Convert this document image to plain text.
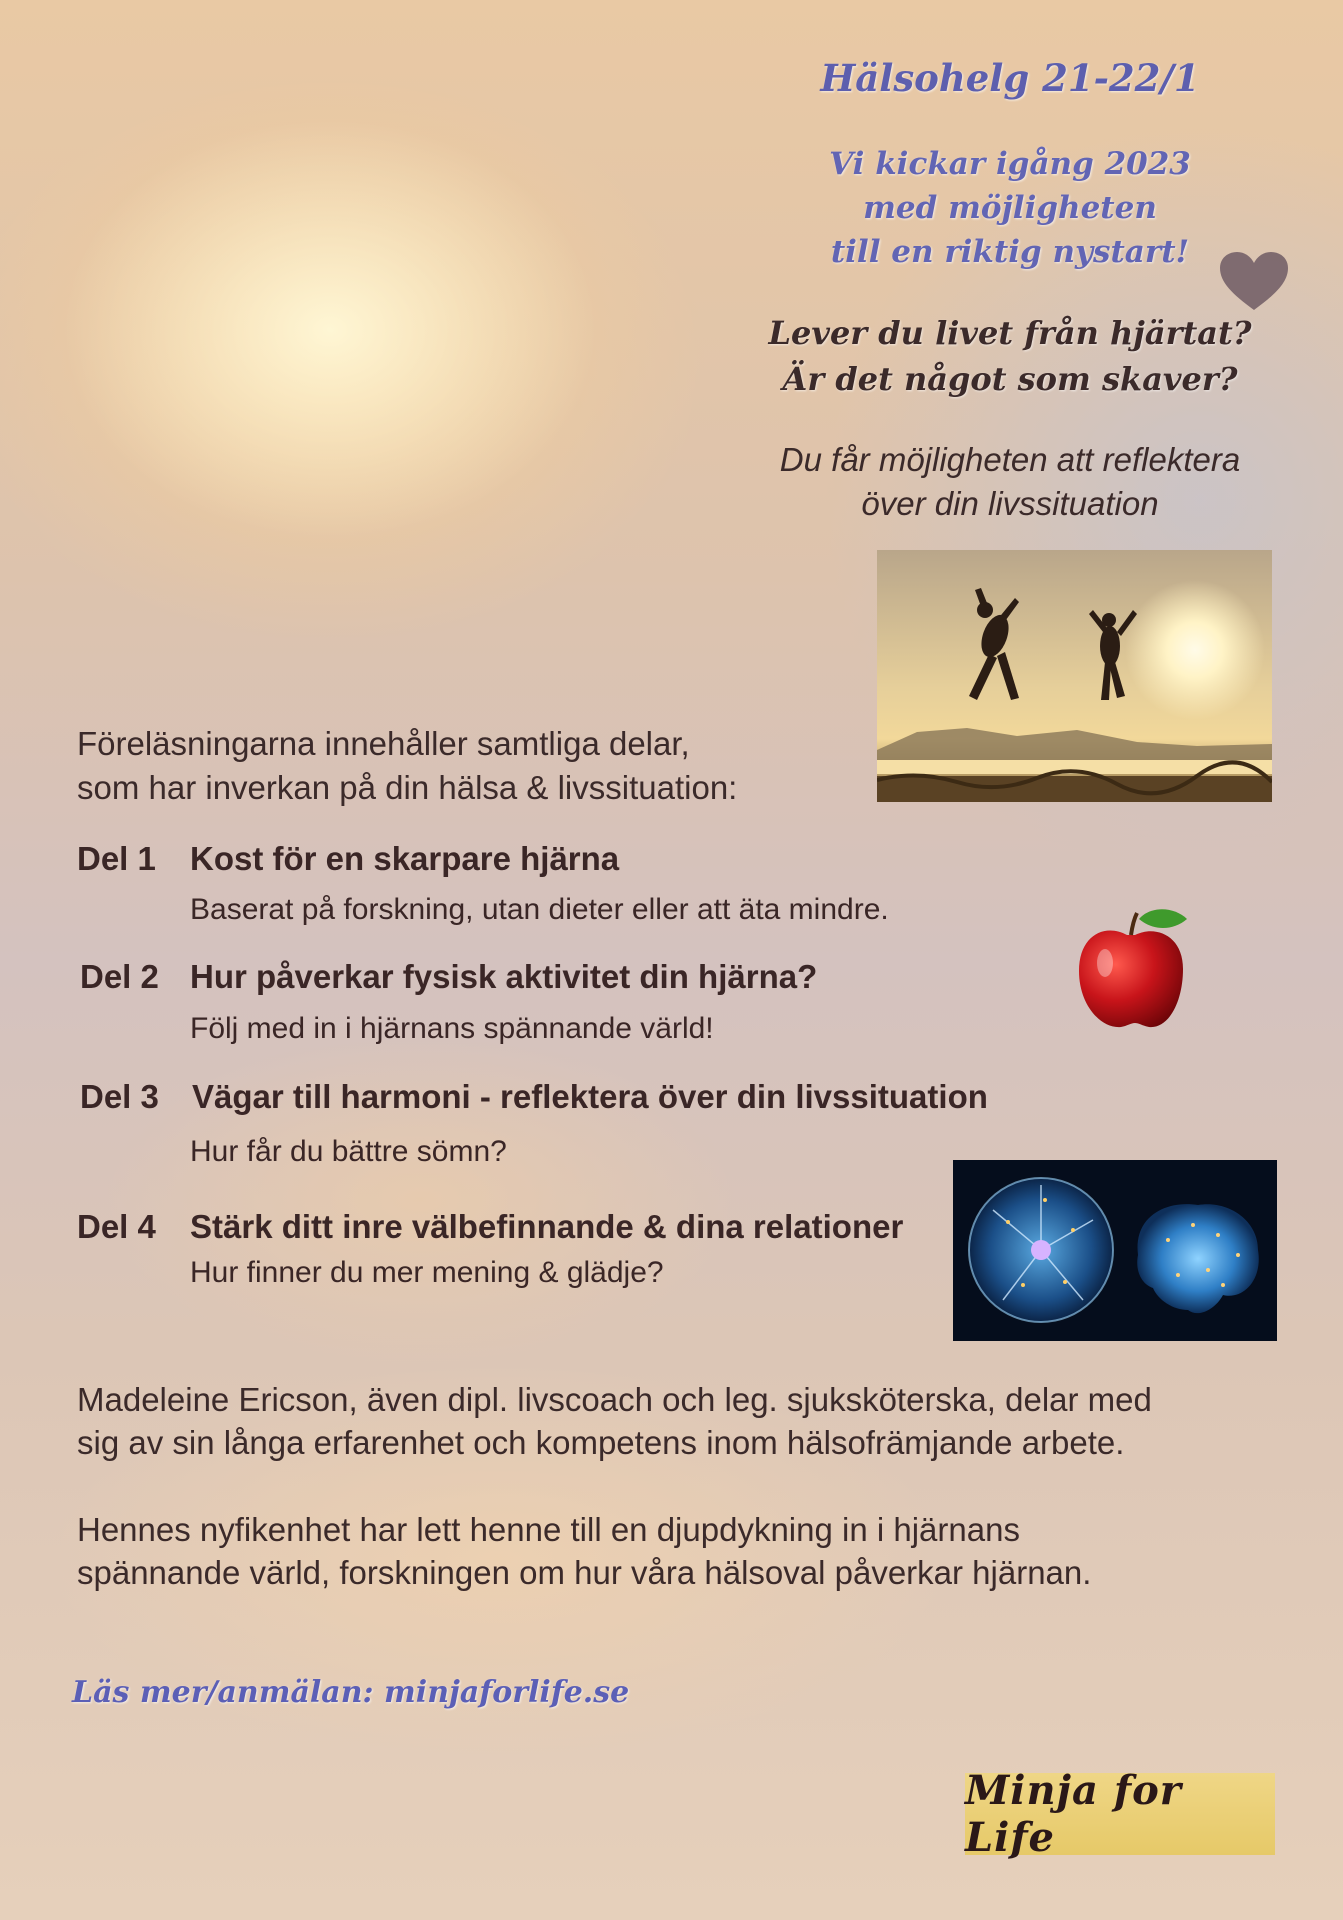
Hälsohelg 21-22/1
Vi kickar igång 2023
med möjligheten
till en riktig nystart!
Lever du livet från hjärtat?
Är det något som skaver?
Du får möjligheten att reflektera
över din livssituation
Föreläsningarna innehåller samtliga delar,
som har inverkan på din hälsa & livssituation:
Del 1 Kost för en skarpare hjärna
Baserat på forskning, utan dieter eller att äta mindre.
Del 2 Hur påverkar fysisk aktivitet din hjärna?
Följ med in i hjärnans spännande värld!
Del 3 Vägar till harmoni - reflektera över din livssituation
Hur får du bättre sömn?
Del 4 Stärk ditt inre välbefinnande & dina relationer
Hur finner du mer mening & glädje?
Madeleine Ericson, även dipl. livscoach och leg. sjuksköterska, delar med
sig av sin långa erfarenhet och kompetens inom hälsofrämjande arbete.
Hennes nyfikenhet har lett henne till en djupdykning in i hjärnans
spännande värld, forskningen om hur våra hälsoval påverkar hjärnan.
Läs mer/anmälan: minjaforlife.se
Minja for Life
